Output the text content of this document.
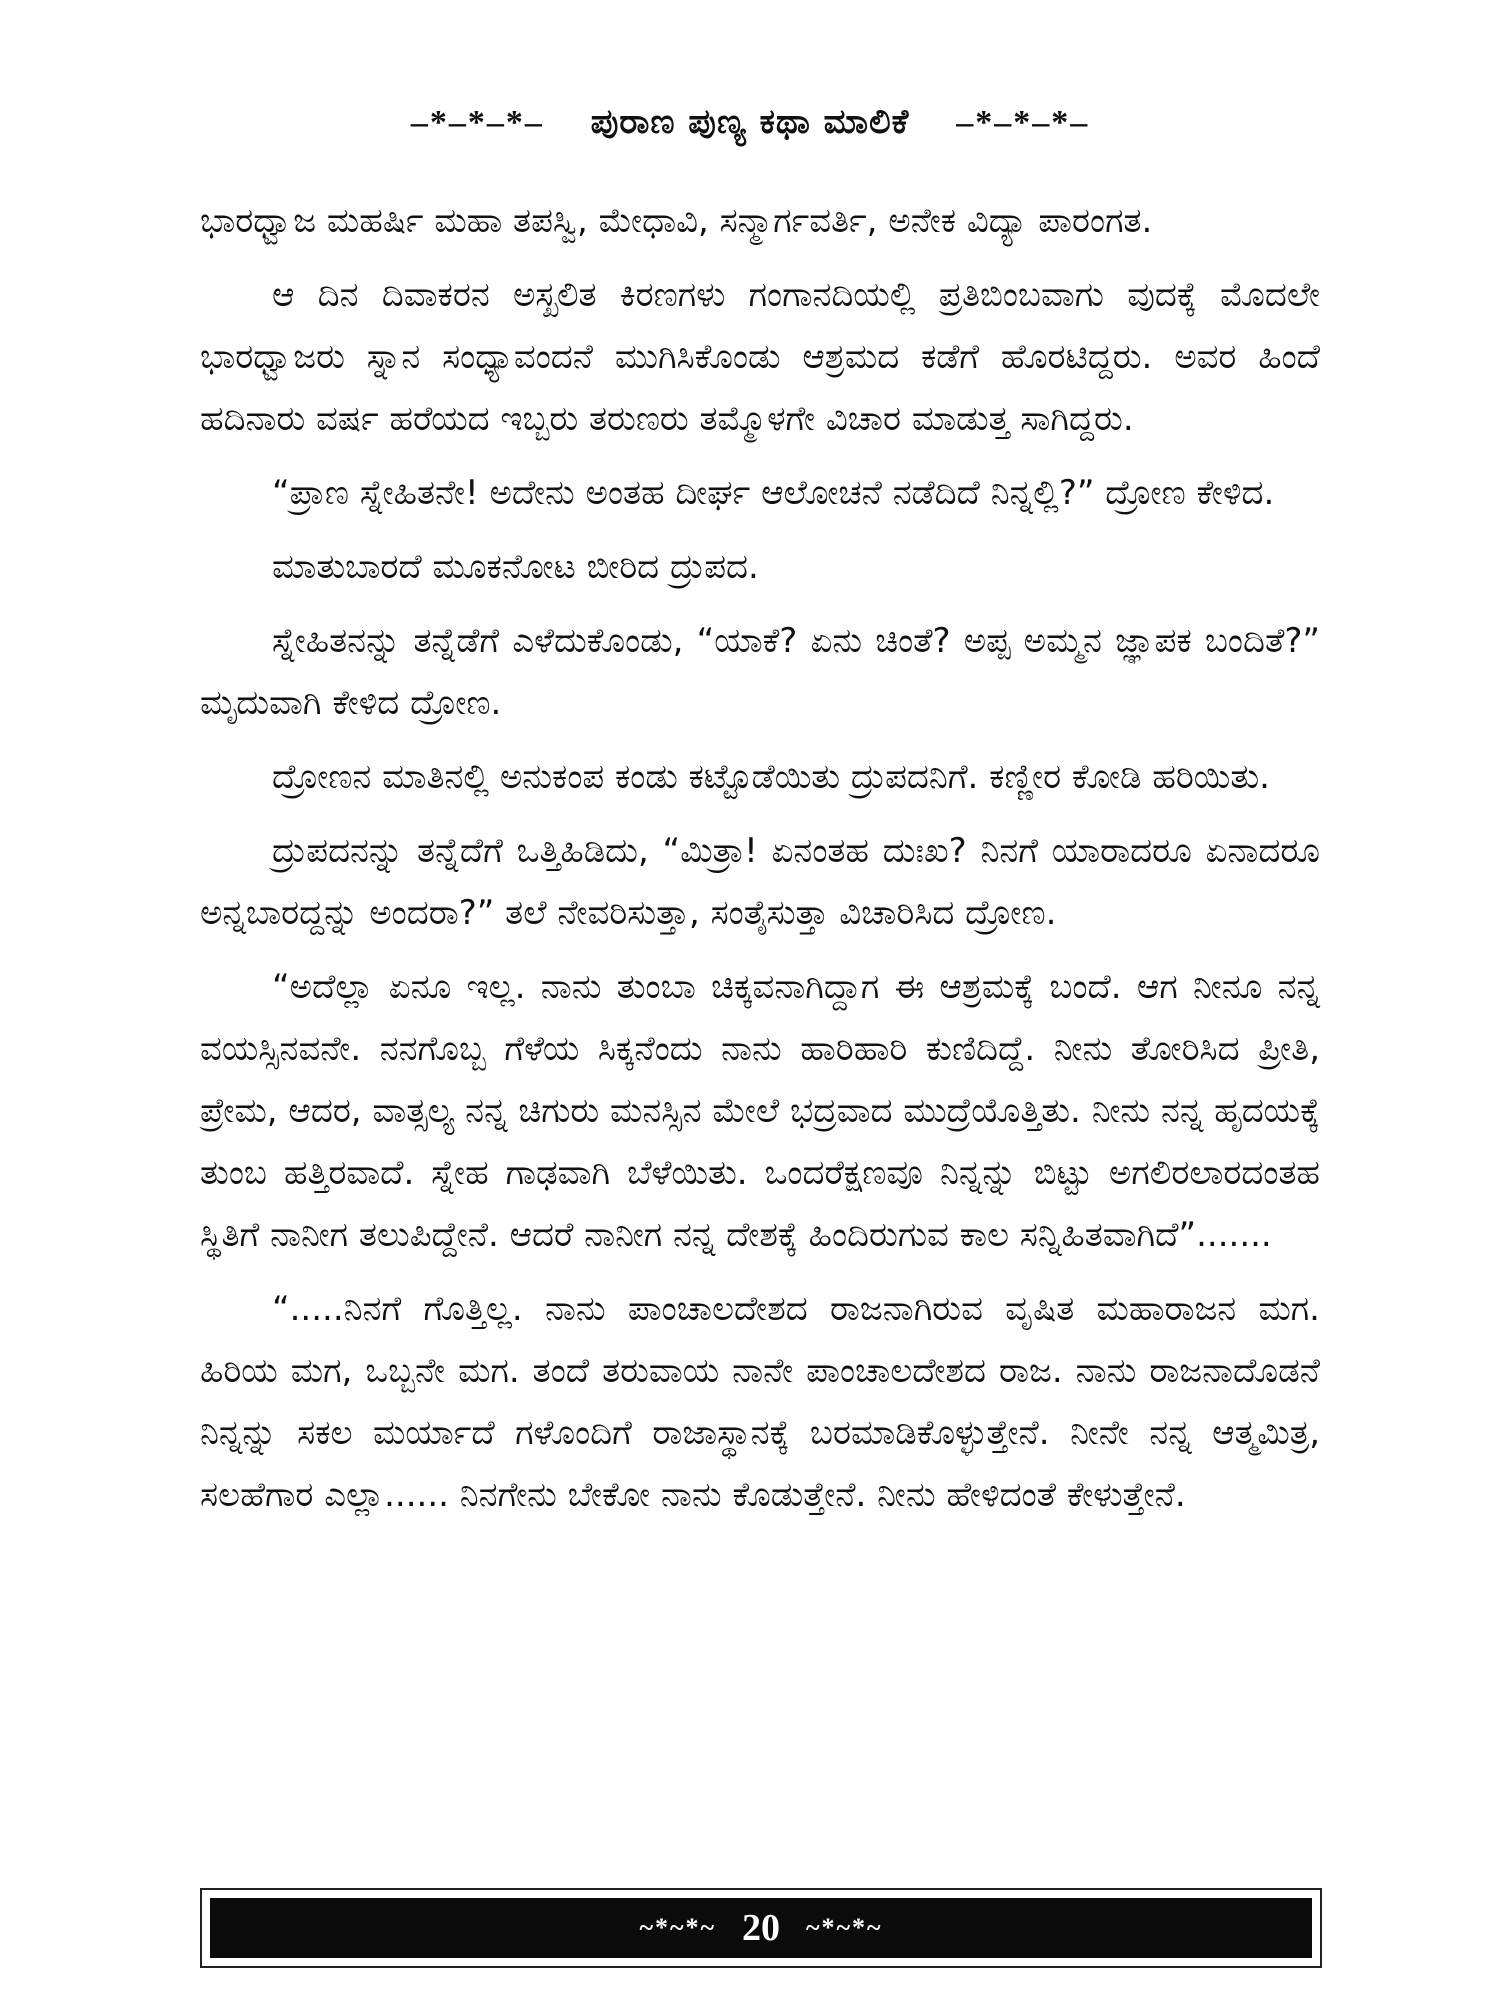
–*–*–*– ಪುರಾಣ ಪುಣ್ಯ ಕಥಾ ಮಾಲಿಕೆ –*–*–*–

ಭಾರಧ್ವಾಜ ಮಹರ್ಷಿ ಮಹಾ ತಪಸ್ವಿ, ಮೇಧಾವಿ, ಸನ್ಮಾರ್ಗವರ್ತಿ, ಅನೇಕ ವಿದ್ಯಾ ಪಾರಂಗತ.

ಆ ದಿನ ದಿವಾಕರನ ಅಸ್ಖಲಿತ ಕಿರಣಗಳು ಗಂಗಾನದಿಯಲ್ಲಿ ಪ್ರತಿಬಿಂಬವಾಗು ವುದಕ್ಕೆ ಮೊದಲೇ ಭಾರಧ್ವಾಜರು ಸ್ನಾನ ಸಂಧ್ಯಾವಂದನೆ ಮುಗಿಸಿಕೊಂಡು ಆಶ್ರಮದ ಕಡೆಗೆ ಹೊರಟಿದ್ದರು. ಅವರ ಹಿಂದೆ ಹದಿನಾರು ವರ್ಷ ಹರೆಯದ ಇಬ್ಬರು ತರುಣರು ತಮ್ಮೊಳಗೇ ವಿಚಾರ ಮಾಡುತ್ತ ಸಾಗಿದ್ದರು.

“ಪ್ರಾಣ ಸ್ನೇಹಿತನೇ! ಅದೇನು ಅಂತಹ ದೀರ್ಘ ಆಲೋಚನೆ ನಡೆದಿದೆ ನಿನ್ನಲ್ಲಿ?” ದ್ರೋಣ ಕೇಳಿದ.

ಮಾತುಬಾರದೆ ಮೂಕನೋಟ ಬೀರಿದ ದ್ರುಪದ.

ಸ್ನೇಹಿತನನ್ನು ತನ್ನೆಡೆಗೆ ಎಳೆದುಕೊಂಡು, “ಯಾಕೆ? ಏನು ಚಿಂತೆ? ಅಪ್ಪ ಅಮ್ಮನ ಜ್ಞಾಪಕ ಬಂದಿತೆ?” ಮೃದುವಾಗಿ ಕೇಳಿದ ದ್ರೋಣ.

ದ್ರೋಣನ ಮಾತಿನಲ್ಲಿ ಅನುಕಂಪ ಕಂಡು ಕಟ್ಟೊಡೆಯಿತು ದ್ರುಪದನಿಗೆ. ಕಣ್ಣೀರ ಕೋಡಿ ಹರಿಯಿತು.

ದ್ರುಪದನನ್ನು ತನ್ನೆದೆಗೆ ಒತ್ತಿಹಿಡಿದು, “ಮಿತ್ರಾ! ಏನಂತಹ ದುಃಖ? ನಿನಗೆ ಯಾರಾದರೂ ಏನಾದರೂ ಅನ್ನಬಾರದ್ದನ್ನು ಅಂದರಾ?” ತಲೆ ನೇವರಿಸುತ್ತಾ, ಸಂತೈಸುತ್ತಾ ವಿಚಾರಿಸಿದ ದ್ರೋಣ.

“ಅದೆಲ್ಲಾ ಏನೂ ಇಲ್ಲ. ನಾನು ತುಂಬಾ ಚಿಕ್ಕವನಾಗಿದ್ದಾಗ ಈ ಆಶ್ರಮಕ್ಕೆ ಬಂದೆ. ಆಗ ನೀನೂ ನನ್ನ ವಯಸ್ಸಿನವನೇ. ನನಗೊಬ್ಬ ಗೆಳೆಯ ಸಿಕ್ಕನೆಂದು ನಾನು ಹಾರಿಹಾರಿ ಕುಣಿದಿದ್ದೆ. ನೀನು ತೋರಿಸಿದ ಪ್ರೀತಿ, ಪ್ರೇಮ, ಆದರ, ವಾತ್ಸಲ್ಯ ನನ್ನ ಚಿಗುರು ಮನಸ್ಸಿನ ಮೇಲೆ ಭದ್ರವಾದ ಮುದ್ರೆಯೊತ್ತಿತು. ನೀನು ನನ್ನ ಹೃದಯಕ್ಕೆ ತುಂಬ ಹತ್ತಿರವಾದೆ. ಸ್ನೇಹ ಗಾಢವಾಗಿ ಬೆಳೆಯಿತು. ಒಂದರೆಕ್ಷಣವೂ ನಿನ್ನನ್ನು ಬಿಟ್ಟು ಅಗಲಿರಲಾರದಂತಹ ಸ್ಥಿತಿಗೆ ನಾನೀಗ ತಲುಪಿದ್ದೇನೆ. ಆದರೆ ನಾನೀಗ ನನ್ನ ದೇಶಕ್ಕೆ ಹಿಂದಿರುಗುವ ಕಾಲ ಸನ್ನಿಹಿತವಾಗಿದೆ”.......

“.....ನಿನಗೆ ಗೊತ್ತಿಲ್ಲ. ನಾನು ಪಾಂಚಾಲದೇಶದ ರಾಜನಾಗಿರುವ ವೃಷಿತ ಮಹಾರಾಜನ ಮಗ. ಹಿರಿಯ ಮಗ, ಒಬ್ಬನೇ ಮಗ. ತಂದೆ ತರುವಾಯ ನಾನೇ ಪಾಂಚಾಲದೇಶದ ರಾಜ. ನಾನು ರಾಜನಾದೊಡನೆ ನಿನ್ನನ್ನು ಸಕಲ ಮರ್ಯಾದೆ ಗಳೊಂದಿಗೆ ರಾಜಾಸ್ಥಾನಕ್ಕೆ ಬರಮಾಡಿಕೊಳ್ಳುತ್ತೇನೆ. ನೀನೇ ನನ್ನ ಆತ್ಮಮಿತ್ರ, ಸಲಹೆಗಾರ ಎಲ್ಲಾ...... ನಿನಗೇನು ಬೇಕೋ ನಾನು ಕೊಡುತ್ತೇನೆ. ನೀನು ಹೇಳಿದಂತೆ ಕೇಳುತ್ತೇನೆ.

~*~*~ 20 ~*~*~
